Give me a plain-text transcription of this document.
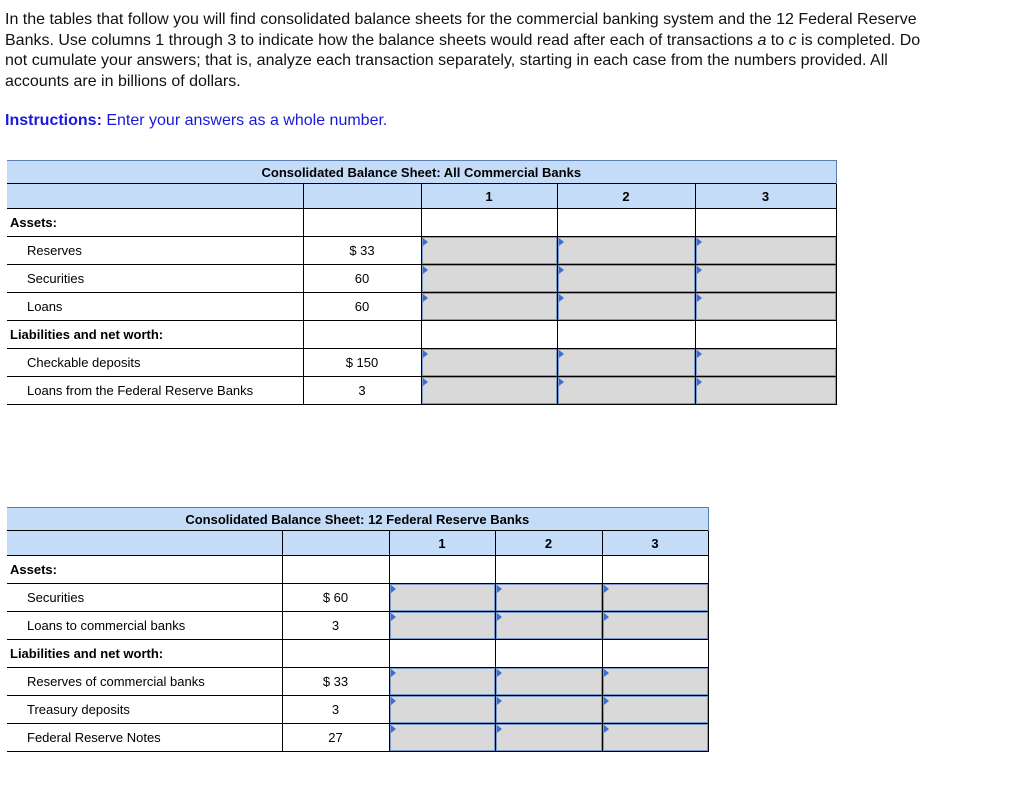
In the tables that follow you will find consolidated balance sheets for the commercial banking system and the 12 Federal Reserve
Banks. Use columns 1 through 3 to indicate how the balance sheets would read after each of transactions a to c is completed. Do
not cumulate your answers; that is, analyze each transaction separately, starting in each case from the numbers provided. All
accounts are in billions of dollars.
Instructions: Enter your answers as a whole number.
Consolidated Balance Sheet: All Commercial Banks				
		1	2	3
Assets:				
Reserves	$ 33			
Securities	60			
Loans	60			
Liabilities and net worth:				
Checkable deposits	$ 150			
Loans from the Federal Reserve Banks	3			
Consolidated Balance Sheet: 12 Federal Reserve Banks				
		1	2	3
Assets:				
Securities	$ 60			
Loans to commercial banks	3			
Liabilities and net worth:				
Reserves of commercial banks	$ 33			
Treasury deposits	3			
Federal Reserve Notes	27			
